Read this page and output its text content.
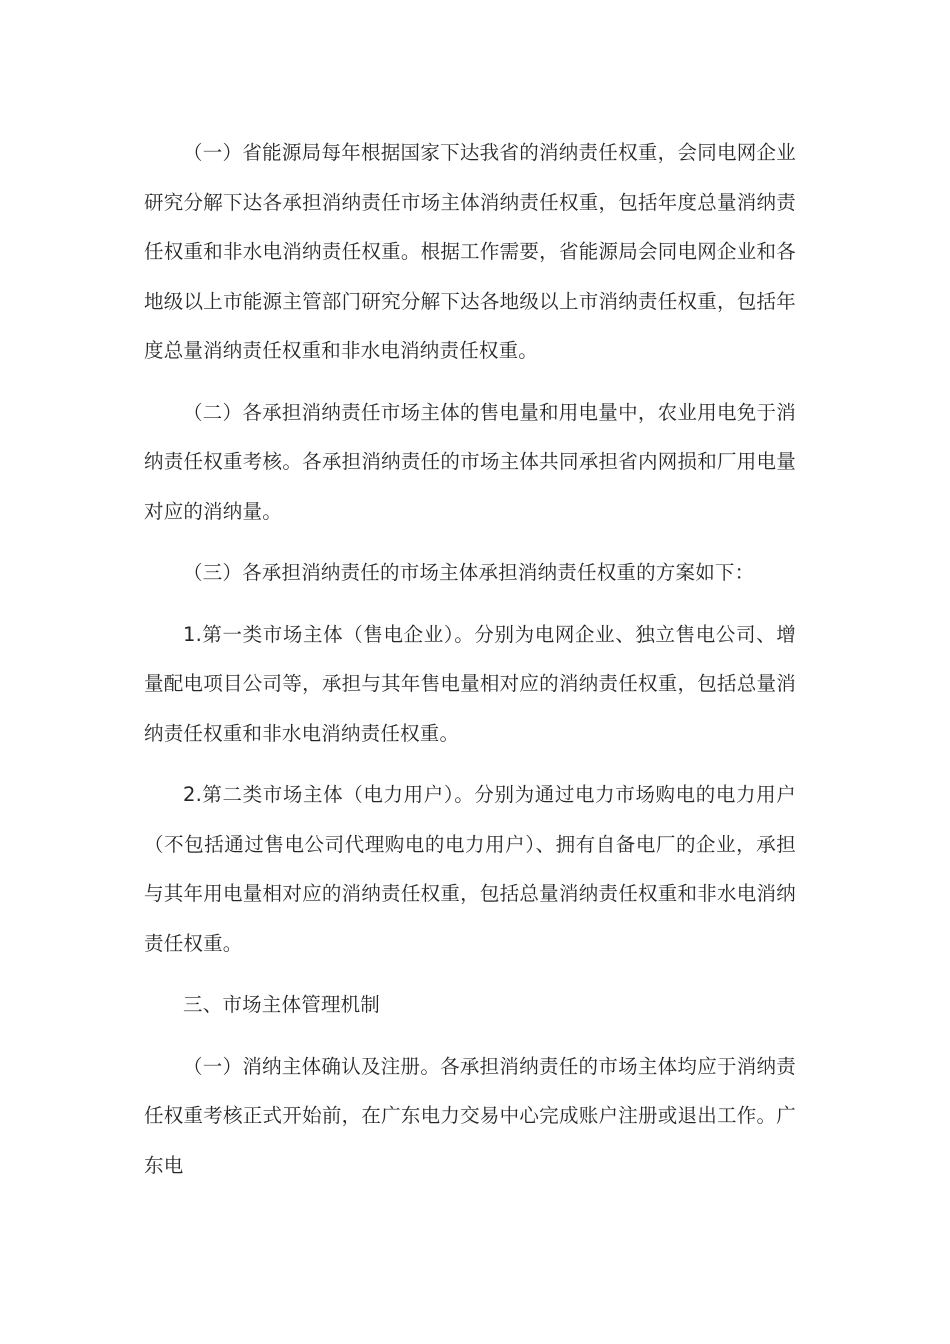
（一）省能源局每年根据国家下达我省的消纳责任权重，会同电网企业研究分解下达各承担消纳责任市场主体消纳责任权重，包括年度总量消纳责任权重和非水电消纳责任权重。根据工作需要，省能源局会同电网企业和各地级以上市能源主管部门研究分解下达各地级以上市消纳责任权重，包括年度总量消纳责任权重和非水电消纳责任权重。

（二）各承担消纳责任市场主体的售电量和用电量中，农业用电免于消纳责任权重考核。各承担消纳责任的市场主体共同承担省内网损和厂用电量对应的消纳量。

（三）各承担消纳责任的市场主体承担消纳责任权重的方案如下：

1.第一类市场主体（售电企业）。分别为电网企业、独立售电公司、增量配电项目公司等，承担与其年售电量相对应的消纳责任权重，包括总量消纳责任权重和非水电消纳责任权重。

2.第二类市场主体（电力用户）。分别为通过电力市场购电的电力用户（不包括通过售电公司代理购电的电力用户）、拥有自备电厂的企业，承担与其年用电量相对应的消纳责任权重，包括总量消纳责任权重和非水电消纳责任权重。

三、市场主体管理机制

（一）消纳主体确认及注册。各承担消纳责任的市场主体均应于消纳责任权重考核正式开始前，在广东电力交易中心完成账户注册或退出工作。广东电
